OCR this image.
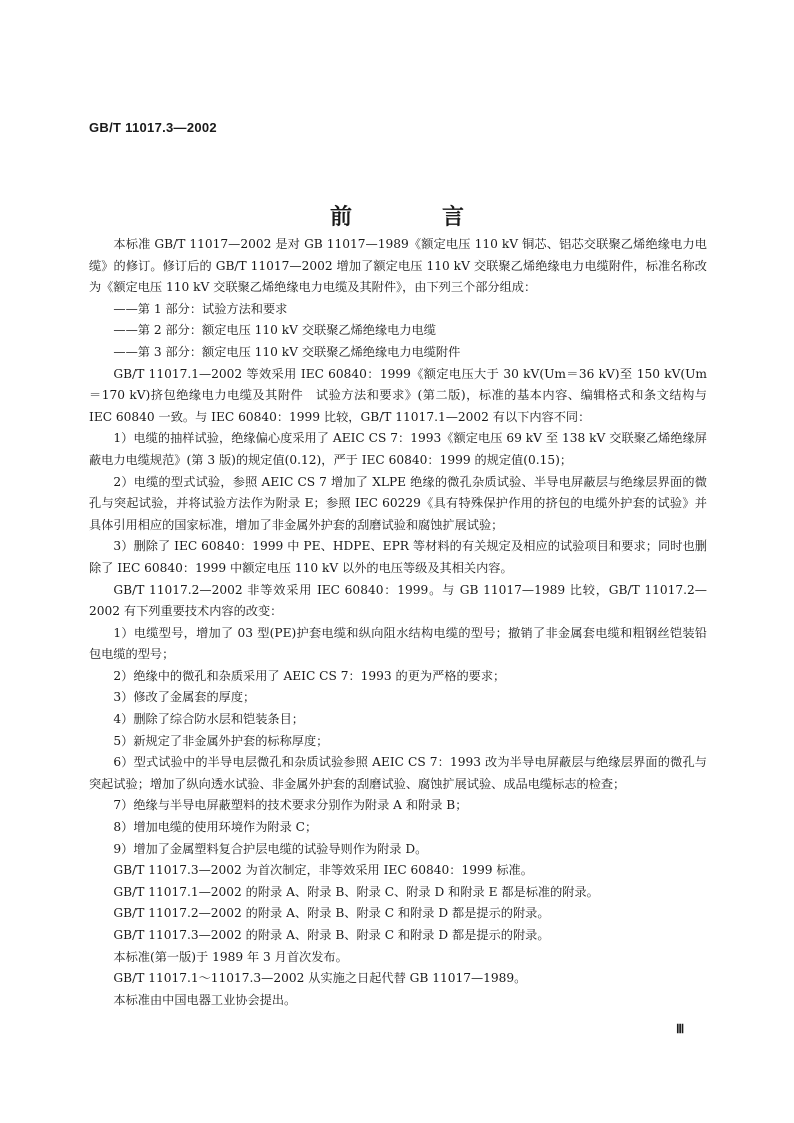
GB/T 11017.3—2002
前　言

本标准 GB/T 11017—2002 是对 GB 11017—1989《额定电压 110 kV 铜芯、铝芯交联聚乙烯绝缘电力电缆》的修订。修订后的 GB/T 11017—2002 增加了额定电压 110 kV 交联聚乙烯绝缘电力电缆附件，标准名称改为《额定电压 110 kV 交联聚乙烯绝缘电力电缆及其附件》，由下列三个部分组成：

——第 1 部分：试验方法和要求

——第 2 部分：额定电压 110 kV 交联聚乙烯绝缘电力电缆

——第 3 部分：额定电压 110 kV 交联聚乙烯绝缘电力电缆附件

GB/T 11017.1—2002 等效采用 IEC 60840：1999《额定电压大于 30 kV(Um＝36 kV)至 150 kV(Um＝170 kV)挤包绝缘电力电缆及其附件　试验方法和要求》(第二版)，标准的基本内容、编辑格式和条文结构与 IEC 60840 一致。与 IEC 60840：1999 比较，GB/T 11017.1—2002 有以下内容不同：

1）电缆的抽样试验，绝缘偏心度采用了 AEIC CS 7：1993《额定电压 69 kV 至 138 kV 交联聚乙烯绝缘屏蔽电力电缆规范》(第 3 版)的规定值(0.12)，严于 IEC 60840：1999 的规定值(0.15)；

2）电缆的型式试验，参照 AEIC CS 7 增加了 XLPE 绝缘的微孔杂质试验、半导电屏蔽层与绝缘层界面的微孔与突起试验，并将试验方法作为附录 E；参照 IEC 60229《具有特殊保护作用的挤包的电缆外护套的试验》并具体引用相应的国家标准，增加了非金属外护套的刮磨试验和腐蚀扩展试验；

3）删除了 IEC 60840：1999 中 PE、HDPE、EPR 等材料的有关规定及相应的试验项目和要求；同时也删除了 IEC 60840：1999 中额定电压 110 kV 以外的电压等级及其相关内容。

GB/T 11017.2—2002 非等效采用 IEC 60840：1999。与 GB 11017—1989 比较，GB/T 11017.2—2002 有下列重要技术内容的改变：

1）电缆型号，增加了 03 型(PE)护套电缆和纵向阻水结构电缆的型号；撤销了非金属套电缆和粗钢丝铠装铅包电缆的型号；

2）绝缘中的微孔和杂质采用了 AEIC CS 7：1993 的更为严格的要求；

3）修改了金属套的厚度；

4）删除了综合防水层和铠装条目；

5）新规定了非金属外护套的标称厚度；

6）型式试验中的半导电层微孔和杂质试验参照 AEIC CS 7：1993 改为半导电屏蔽层与绝缘层界面的微孔与突起试验；增加了纵向透水试验、非金属外护套的刮磨试验、腐蚀扩展试验、成品电缆标志的检查；

7）绝缘与半导电屏蔽塑料的技术要求分别作为附录 A 和附录 B；

8）增加电缆的使用环境作为附录 C；

9）增加了金属塑料复合护层电缆的试验导则作为附录 D。

GB/T 11017.3—2002 为首次制定，非等效采用 IEC 60840：1999 标准。

GB/T 11017.1—2002 的附录 A、附录 B、附录 C、附录 D 和附录 E 都是标准的附录。

GB/T 11017.2—2002 的附录 A、附录 B、附录 C 和附录 D 都是提示的附录。

GB/T 11017.3—2002 的附录 A、附录 B、附录 C 和附录 D 都是提示的附录。

本标准(第一版)于 1989 年 3 月首次发布。

GB/T 11017.1～11017.3—2002 从实施之日起代替 GB 11017—1989。

本标准由中国电器工业协会提出。

Ⅲ
